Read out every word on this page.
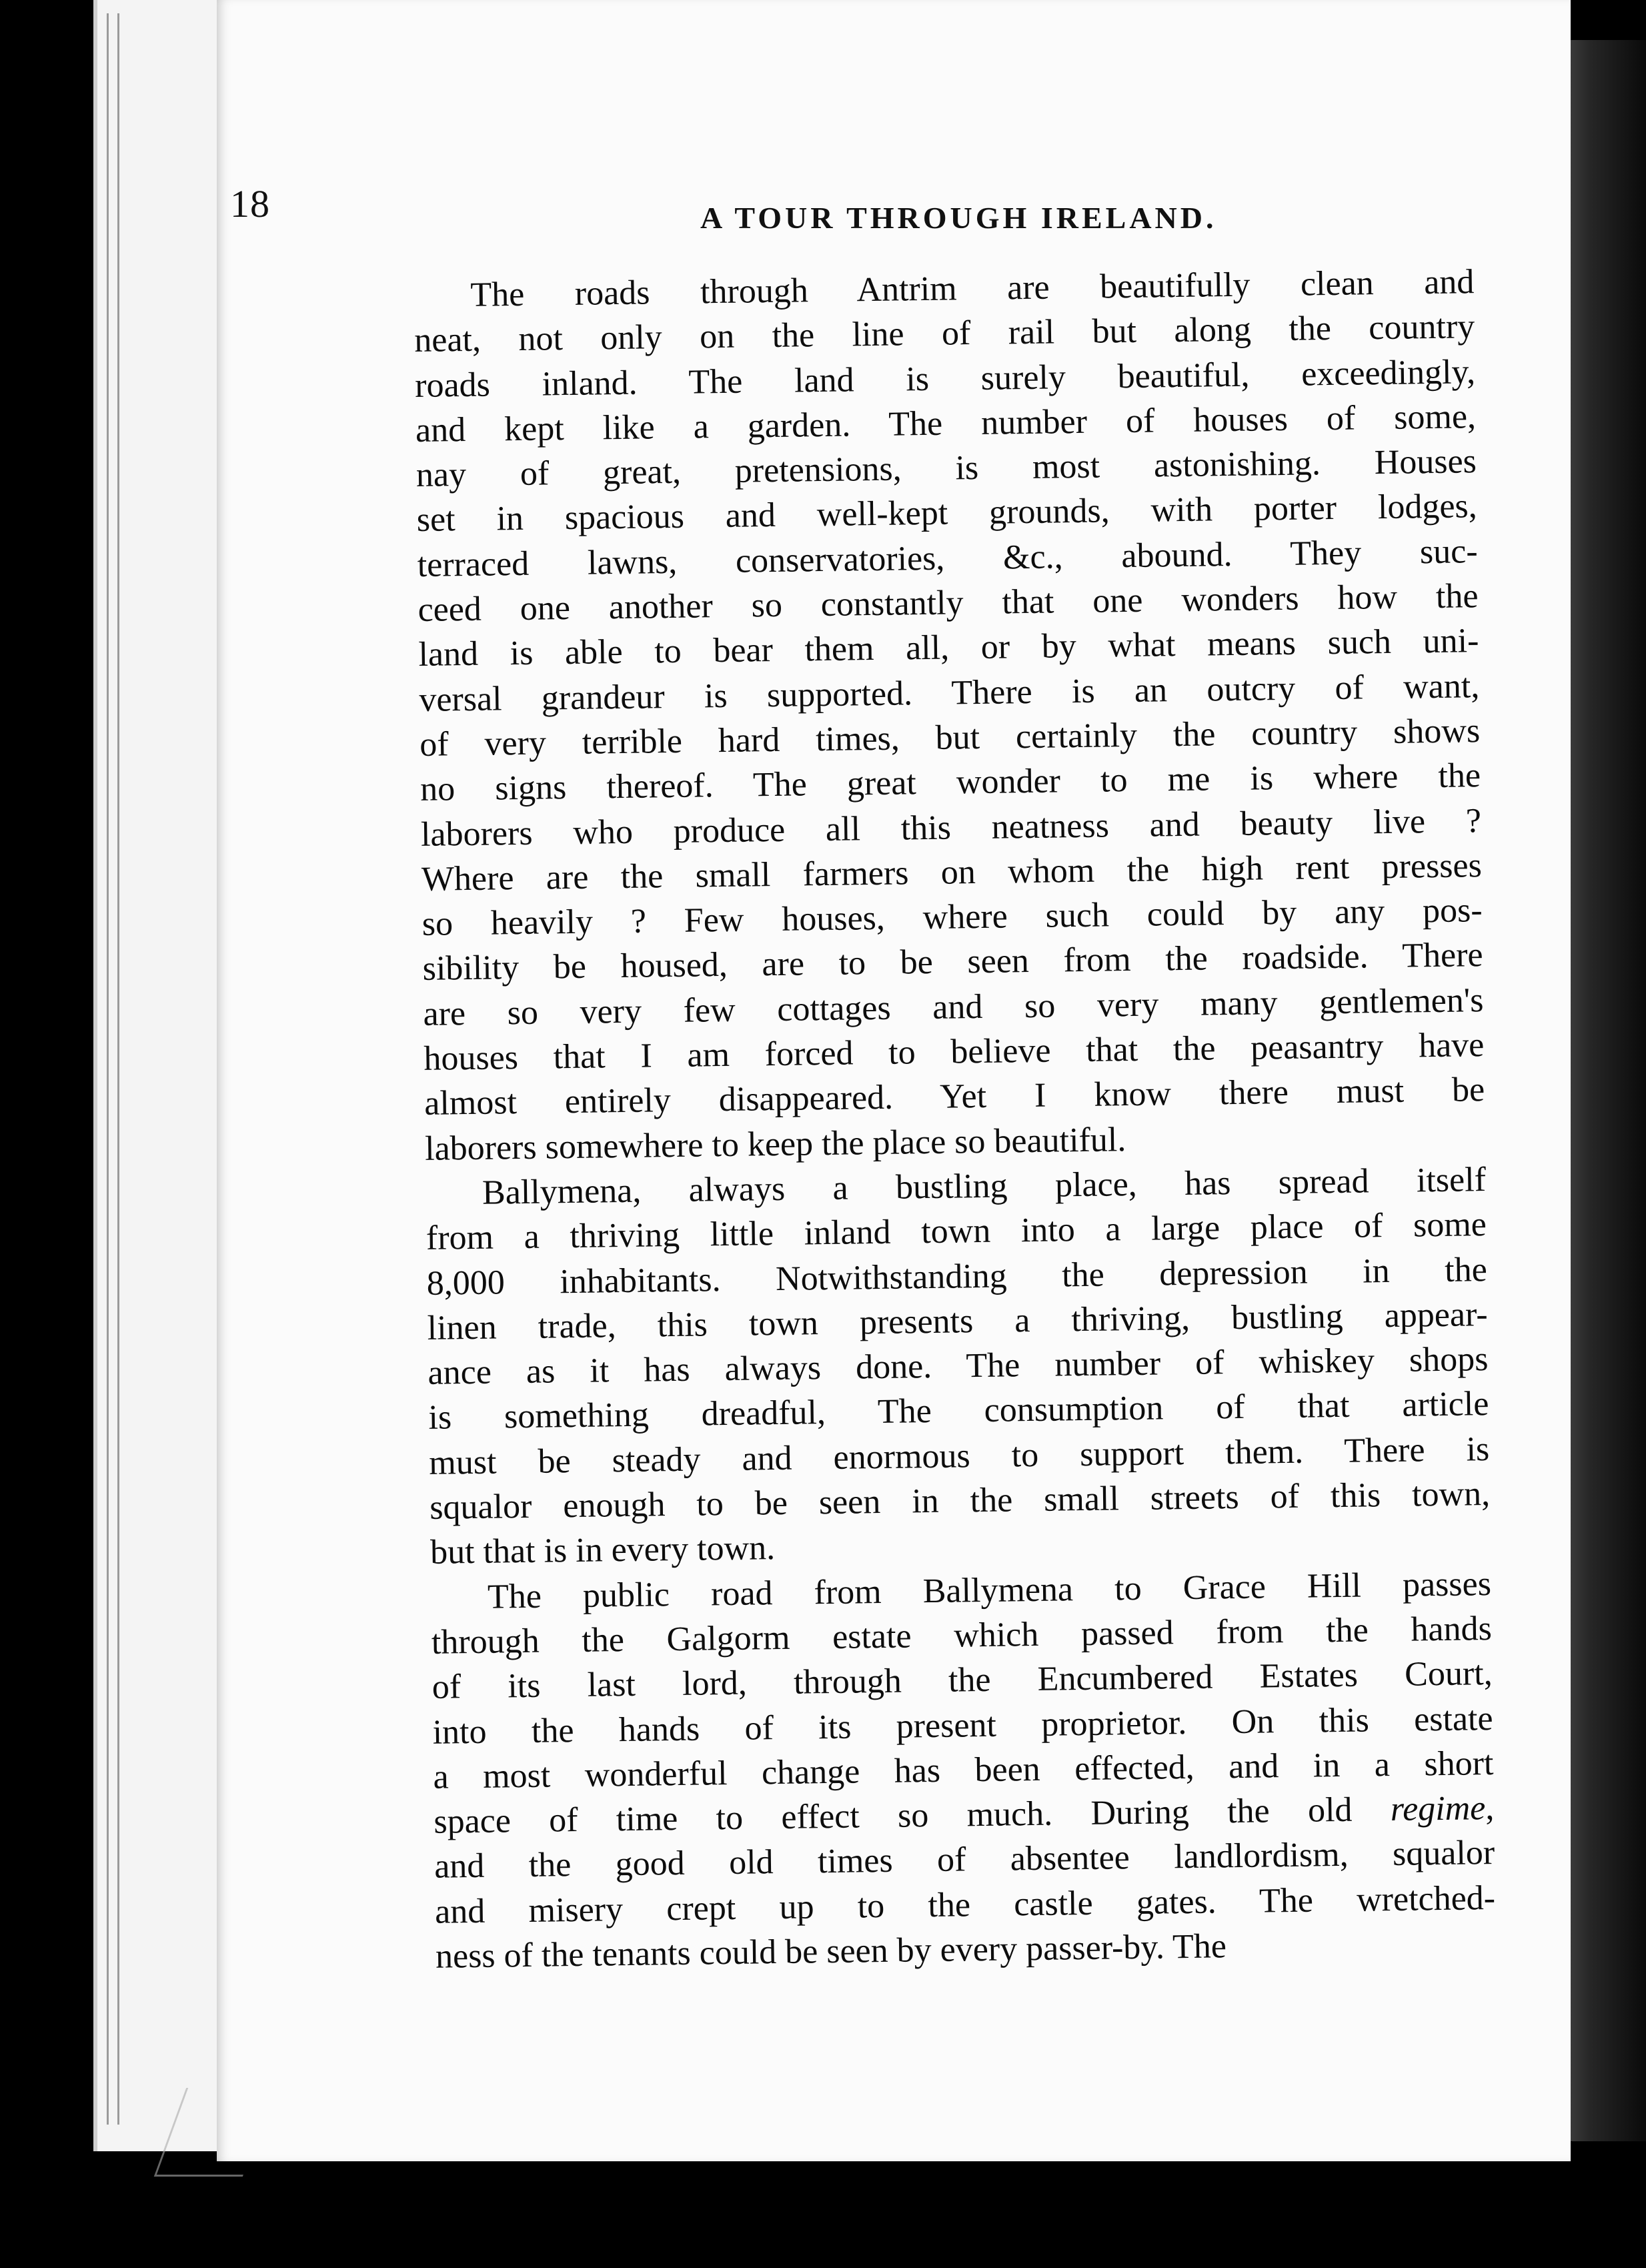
18	A TOUR THROUGH IRELAND.

The roads through Antrim are beautifully clean and
neat, not only on the line of rail but along the country
roads inland. The land is surely beautiful, exceedingly,
and kept like a garden. The number of houses of some,
nay of great, pretensions, is most astonishing. Houses
set in spacious and well-kept grounds, with porter lodges,
terraced lawns, conservatories, &c., abound. They suc-
ceed one another so constantly that one wonders how the
land is able to bear them all, or by what means such uni-
versal grandeur is supported. There is an outcry of want,
of very terrible hard times, but certainly the country shows
no signs thereof. The great wonder to me is where the
laborers who produce all this neatness and beauty live ?
Where are the small farmers on whom the high rent presses
so heavily ? Few houses, where such could by any pos-
sibility be housed, are to be seen from the roadside. There
are so very few cottages and so very many gentlemen's
houses that I am forced to believe that the peasantry have
almost entirely disappeared. Yet I know there must be
laborers somewhere to keep the place so beautiful.

Ballymena, always a bustling place, has spread itself
from a thriving little inland town into a large place of some
8,000 inhabitants. Notwithstanding the depression in the
linen trade, this town presents a thriving, bustling appear-
ance as it has always done. The number of whiskey shops
is something dreadful, The consumption of that article
must be steady and enormous to support them. There is
squalor enough to be seen in the small streets of this town,
but that is in every town.

The public road from Ballymena to Grace Hill passes
through the Galgorm estate which passed from the hands
of its last lord, through the Encumbered Estates Court,
into the hands of its present proprietor. On this estate
a most wonderful change has been effected, and in a short
space of time to effect so much. During the old regime,
and the good old times of absentee landlordism, squalor
and misery crept up to the castle gates. The wretched-
ness of the tenants could be seen by every passer-by. The
